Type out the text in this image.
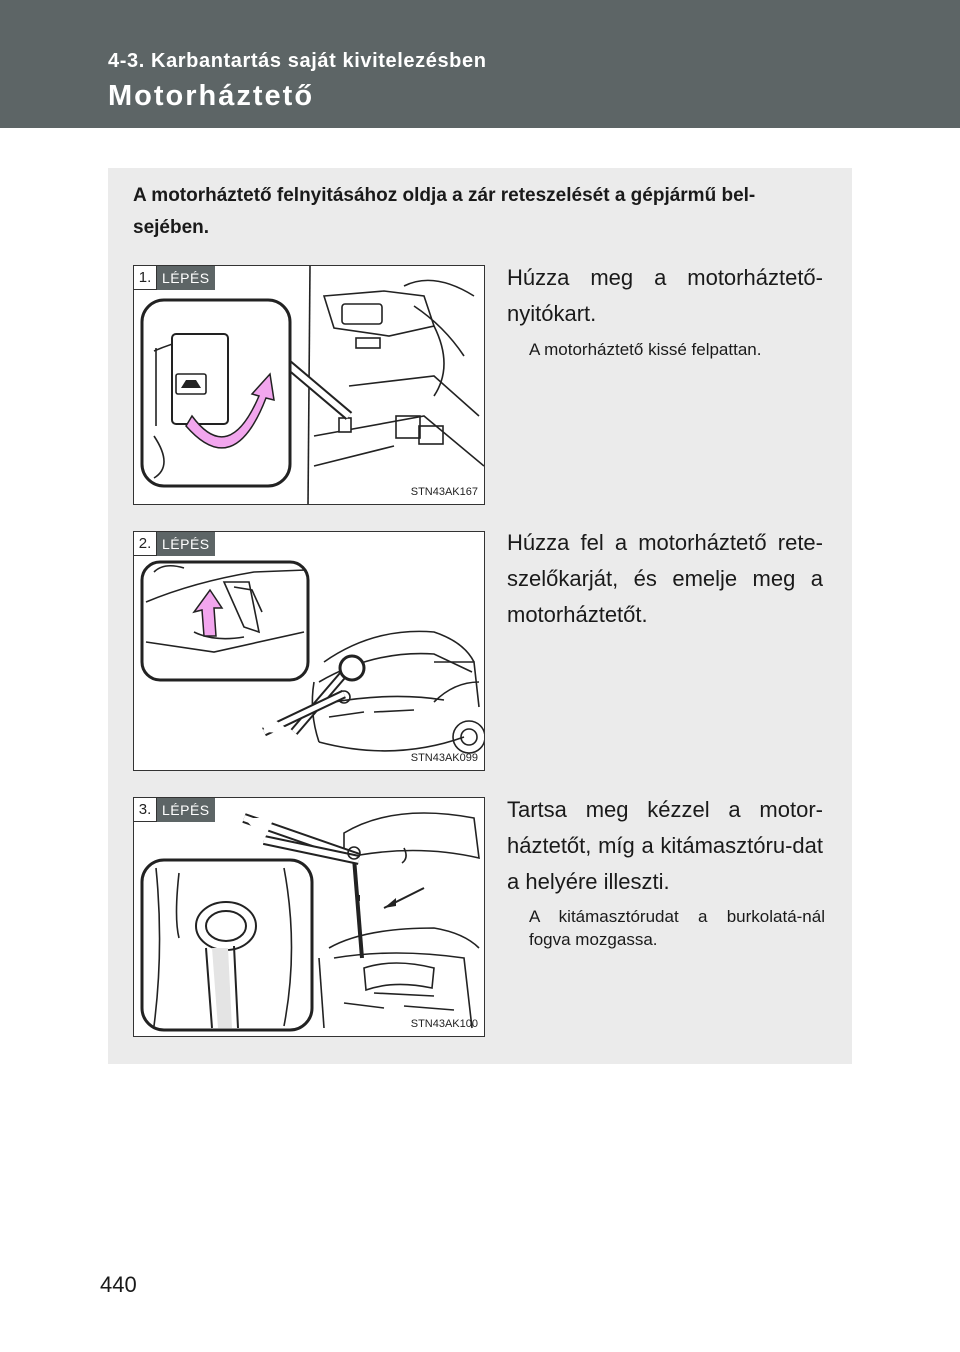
4-3. Karbantartás saját kivitelezésben
Motorháztető
A motorháztető felnyitásához oldja a zár reteszelését a gépjármű bel-sejében.
1. LÉPÉS
STN43AK167
Húzza meg a motorháztető-nyitókart.
A motorháztető kissé felpattan.
2. LÉPÉS
STN43AK099
Húzza fel a motorháztető rete-szelőkarját, és emelje meg a motorháztetőt.
3. LÉPÉS
STN43AK100
Tartsa meg kézzel a motor-háztetőt, míg a kitámasztóru-dat a helyére illeszti.
A kitámasztórudat a burkolatá-nál fogva mozgassa.
440
